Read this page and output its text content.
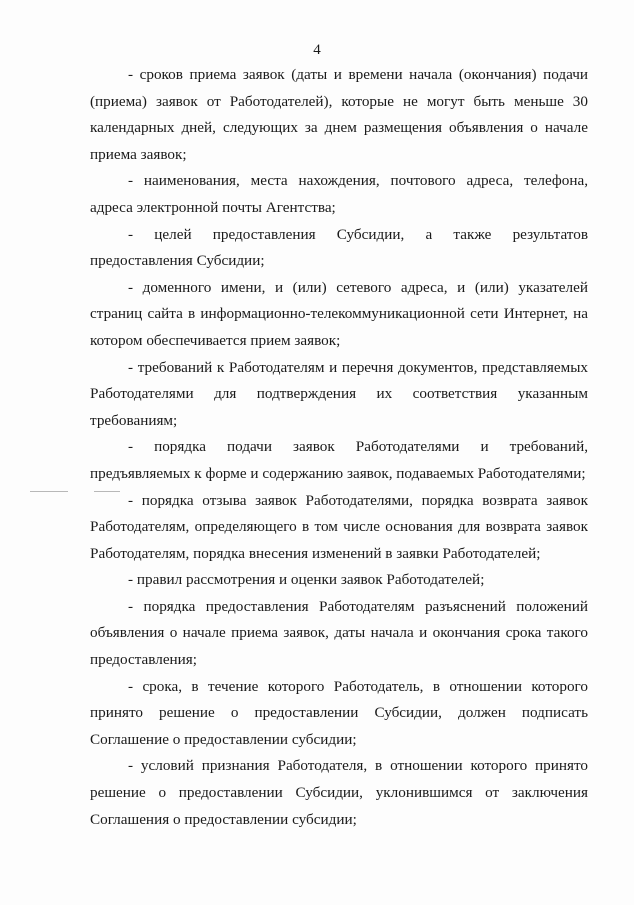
4

- сроков приема заявок (даты и времени начала (окончания) подачи (приема) заявок от Работодателей), которые не могут быть меньше 30 календарных дней, следующих за днем размещения объявления о начале приема заявок;

- наименования, места нахождения, почтового адреса, телефона, адреса электронной почты Агентства;

- целей предоставления Субсидии, а также результатов предоставления Субсидии;

- доменного имени, и (или) сетевого адреса, и (или) указателей страниц сайта в информационно-телекоммуникационной сети Интернет, на котором обеспечивается прием заявок;

- требований к Работодателям и перечня документов, представляемых Работодателями для подтверждения их соответствия указанным требованиям;

- порядка подачи заявок Работодателями и требований, предъявляемых к форме и содержанию заявок, подаваемых Работодателями;

- порядка отзыва заявок Работодателями, порядка возврата заявок Работодателям, определяющего в том числе основания для возврата заявок Работодателям, порядка внесения изменений в заявки Работодателей;

- правил рассмотрения и оценки заявок Работодателей;

- порядка предоставления Работодателям разъяснений положений объявления о начале приема заявок, даты начала и окончания срока такого предоставления;

- срока, в течение которого Работодатель, в отношении которого принято решение о предоставлении Субсидии, должен подписать Соглашение о предоставлении субсидии;

- условий признания Работодателя, в отношении которого принято решение о предоставлении Субсидии, уклонившимся от заключения Соглашения о предоставлении субсидии;
